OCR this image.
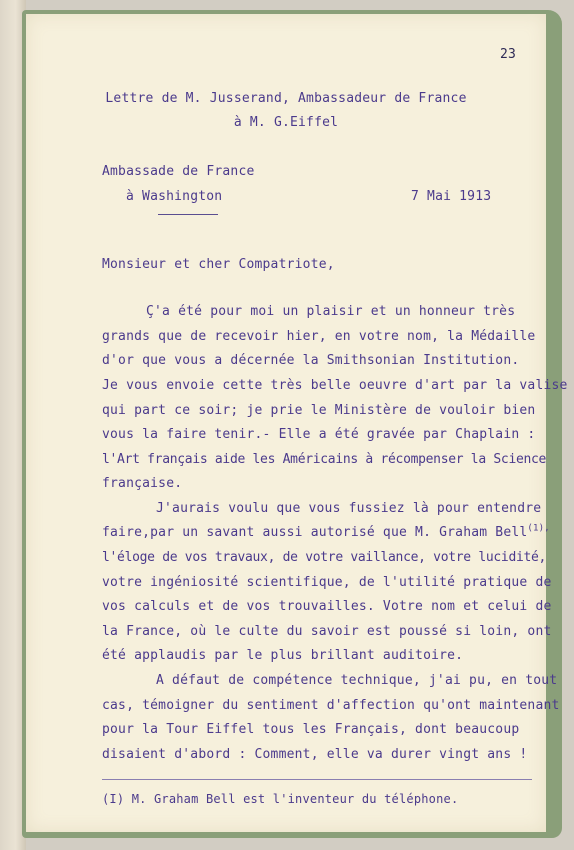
23

Lettre de M. Jusserand, Ambassadeur de France

à M. G.Eiffel

Ambassade de France

à Washington	7 Mai 1913

Monsieur et cher Compatriote,

Ç'a été pour moi un plaisir et un honneur très

grands que de recevoir hier, en votre nom, la Médaille

d'or que vous a décernée la Smithsonian Institution.

Je vous envoie cette très belle oeuvre d'art par la valise

qui part ce soir; je prie le Ministère de vouloir bien

vous la faire tenir.- Elle a été gravée par Chaplain :

l'Art français aide les Américains à récompenser la Science

française.

J'aurais voulu que vous fussiez là pour entendre

faire,par un savant aussi autorisé que M. Graham Bell$^{(1),}$

l'éloge de vos travaux, de votre vaillance, votre lucidité,

votre ingéniosité scientifique, de l'utilité pratique de

vos calculs et de vos trouvailles. Votre nom et celui de

la France, où le culte du savoir est poussé si loin, ont

été applaudis par le plus brillant auditoire.

A défaut de compétence technique, j'ai pu, en tout

cas, témoigner du sentiment d'affection qu'ont maintenant

pour la Tour Eiffel tous les Français, dont beaucoup

disaient d'abord : Comment, elle va durer vingt ans !

(I) M. Graham Bell est l'inventeur du téléphone.
